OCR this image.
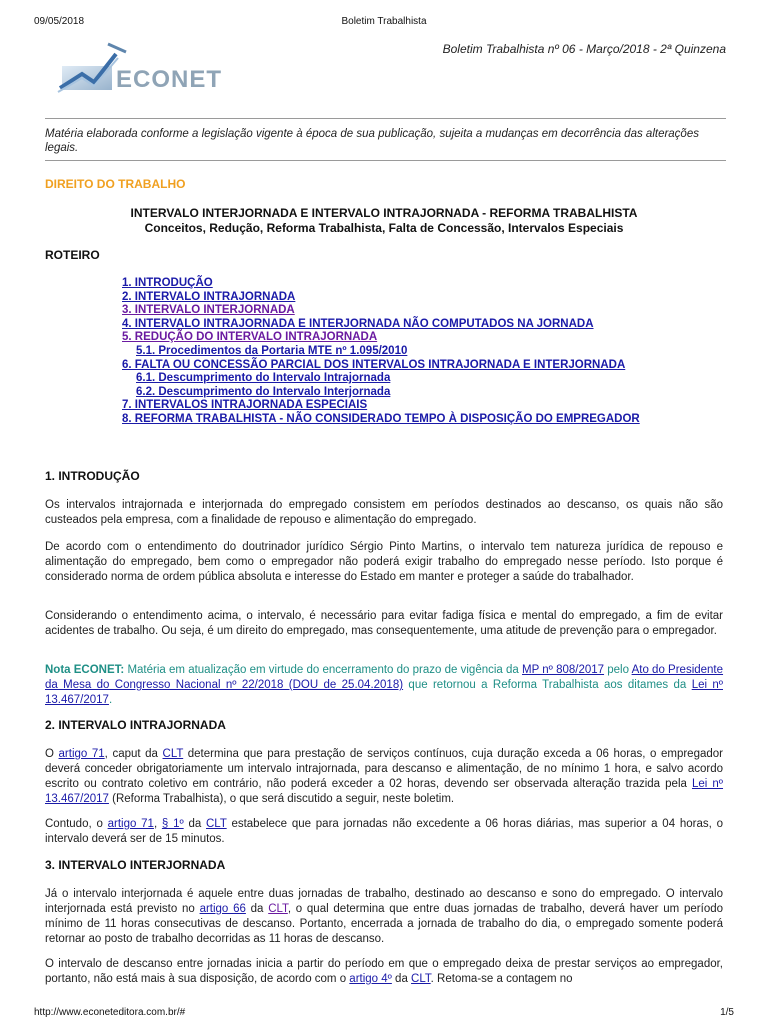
09/05/2018	Boletim Trabalhista
ECONET
Boletim Trabalhista nº 06 - Março/2018 - 2ª Quinzena
Matéria elaborada conforme a legislação vigente à época de sua publicação, sujeita a mudanças em decorrência das alterações legais.
DIREITO DO TRABALHO
INTERVALO INTERJORNADA E INTERVALO INTRAJORNADA - REFORMA TRABALHISTA
Conceitos, Redução, Reforma Trabalhista, Falta de Concessão, Intervalos Especiais
ROTEIRO
1. INTRODUÇÃO
2. INTERVALO INTRAJORNADA
3. INTERVALO INTERJORNADA
4. INTERVALO INTRAJORNADA E INTERJORNADA NÃO COMPUTADOS NA JORNADA
5. REDUÇÃO DO INTERVALO INTRAJORNADA
5.1. Procedimentos da Portaria MTE nº 1.095/2010
6. FALTA OU CONCESSÃO PARCIAL DOS INTERVALOS INTRAJORNADA E INTERJORNADA
6.1. Descumprimento do Intervalo Intrajornada
6.2. Descumprimento do Intervalo Interjornada
7. INTERVALOS INTRAJORNADA ESPECIAIS
8. REFORMA TRABALHISTA - NÃO CONSIDERADO TEMPO À DISPOSIÇÃO DO EMPREGADOR
1. INTRODUÇÃO
Os intervalos intrajornada e interjornada do empregado consistem em períodos destinados ao descanso, os quais não são custeados pela empresa, com a finalidade de repouso e alimentação do empregado.
De acordo com o entendimento do doutrinador jurídico Sérgio Pinto Martins, o intervalo tem natureza jurídica de repouso e alimentação do empregado, bem como o empregador não poderá exigir trabalho do empregado nesse período. Isto porque é considerado norma de ordem pública absoluta e interesse do Estado em manter e proteger a saúde do trabalhador.
Considerando o entendimento acima, o intervalo, é necessário para evitar fadiga física e mental do empregado, a fim de evitar acidentes de trabalho. Ou seja, é um direito do empregado, mas consequentemente, uma atitude de prevenção para o empregador.
Nota ECONET: Matéria em atualização em virtude do encerramento do prazo de vigência da MP nº 808/2017 pelo Ato do Presidente da Mesa do Congresso Nacional nº 22/2018 (DOU de 25.04.2018) que retornou a Reforma Trabalhista aos ditames da Lei nº 13.467/2017.
2. INTERVALO INTRAJORNADA
O artigo 71, caput da CLT determina que para prestação de serviços contínuos, cuja duração exceda a 06 horas, o empregador deverá conceder obrigatoriamente um intervalo intrajornada, para descanso e alimentação, de no mínimo 1 hora, e salvo acordo escrito ou contrato coletivo em contrário, não poderá exceder a 02 horas, devendo ser observada alteração trazida pela Lei nº 13.467/2017 (Reforma Trabalhista), o que será discutido a seguir, neste boletim.
Contudo, o artigo 71, § 1º da CLT estabelece que para jornadas não excedente a 06 horas diárias, mas superior a 04 horas, o intervalo deverá ser de 15 minutos.
3. INTERVALO INTERJORNADA
Já o intervalo interjornada é aquele entre duas jornadas de trabalho, destinado ao descanso e sono do empregado. O intervalo interjornada está previsto no artigo 66 da CLT, o qual determina que entre duas jornadas de trabalho, deverá haver um período mínimo de 11 horas consecutivas de descanso. Portanto, encerrada a jornada de trabalho do dia, o empregado somente poderá retornar ao posto de trabalho decorridas as 11 horas de descanso.
O intervalo de descanso entre jornadas inicia a partir do período em que o empregado deixa de prestar serviços ao empregador, portanto, não está mais à sua disposição, de acordo com o artigo 4º da CLT. Retoma-se a contagem no
http://www.econeteditora.com.br/#	1/5
